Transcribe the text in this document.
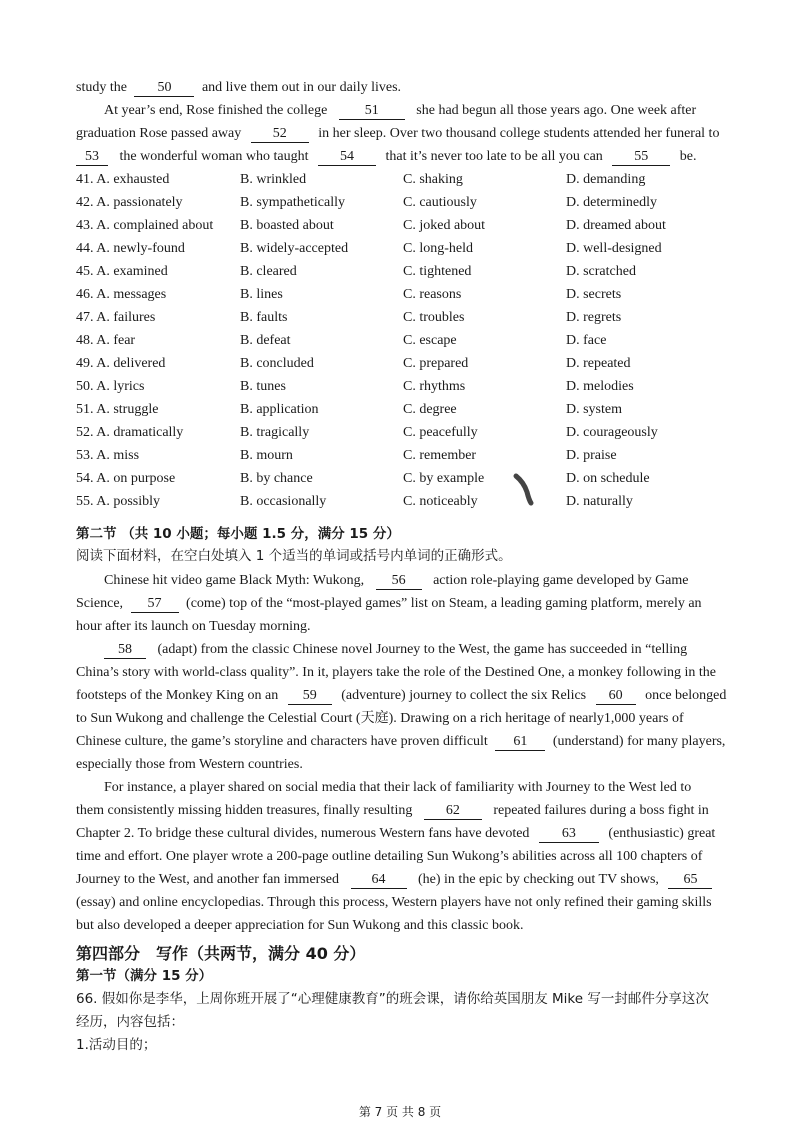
study the 50 and live them out in our daily lives.
At year’s end, Rose finished the college	51	she had begun all those years ago. One week after
graduation Rose passed away 52 in her sleep. Over two thousand college students attended her funeral to
53 the wonderful woman who taught 54 that it’s never too late to be all you can 55 be.
41. A. exhausted	B. wrinkled	C. shaking	D. demanding
42. A. passionately	B. sympathetically	C. cautiously	D. determinedly
43. A. complained about B. boasted about	C. joked about	D. dreamed about
44. A. newly-found	B. widely-accepted	C. long-held	D. well-designed
45. A. examined	B. cleared	C. tightened	D. scratched
46. A. messages	B. lines	C. reasons	D. secrets
47. A. failures	B. faults	C. troubles	D. regrets
48. A. fear	B. defeat	C. escape	D. face
49. A. delivered	B. concluded	C. prepared	D. repeated
50. A. lyrics	B. tunes	C. rhythms	D. melodies
51. A. struggle	B. application	C. degree	D. system
52. A. dramatically	B. tragically	C. peacefully	D. courageously
53. A. miss	B. mourn	C. remember	D. praise
54. A. on purpose	B. by chance	C. by example	D. on schedule
55. A. possibly	B. occasionally	C. noticeably	D. naturally
第二节 （共 10 小题；每小题 1.5 分，满分 15 分）
阅读下面材料，在空白处填入 1 个适当的单词或括号内单词的正确形式。
Chinese hit video game Black Myth: Wukong, 56 action role-playing game developed by Game
Science, 57 (come) top of the “most-played games” list on Steam, a leading gaming platform, merely an
hour after its launch on Tuesday morning.
58 (adapt) from the classic Chinese novel Journey to the West, the game has succeeded in “telling
China’s story with world-class quality”. In it, players take the role of the Destined One, a monkey following in the
footsteps of the Monkey King on an 59 (adventure) journey to collect the six Relics 60 once belonged
to Sun Wukong and challenge the Celestial Court (天庭). Drawing on a rich heritage of nearly1,000 years of
Chinese culture, the game’s storyline and characters have proven difficult 61 (understand) for many players,
especially those from Western countries.
For instance, a player shared on social media that their lack of familiarity with Journey to the West led to
them consistently missing hidden treasures, finally resulting 62 repeated failures during a boss fight in
Chapter 2. To bridge these cultural divides, numerous Western fans have devoted 63 (enthusiastic) great
time and effort. One player wrote a 200-page outline detailing Sun Wukong’s abilities across all 100 chapters of
Journey to the West, and another fan immersed 64 (he) in the epic by checking out TV shows, 65
(essay) and online encyclopedias. Through this process, Western players have not only refined their gaming skills
but also developed a deeper appreciation for Sun Wukong and this classic book.
第四部分　写作（共两节，满分 40 分）
第一节（满分 15 分）
66. 假如你是李华，上周你班开展了“心理健康教育”的班会课，请你给英国朋友 Mike 写一封邮件分享这次
经历，内容包括：
1.活动目的；
第 7 页 共 8 页
